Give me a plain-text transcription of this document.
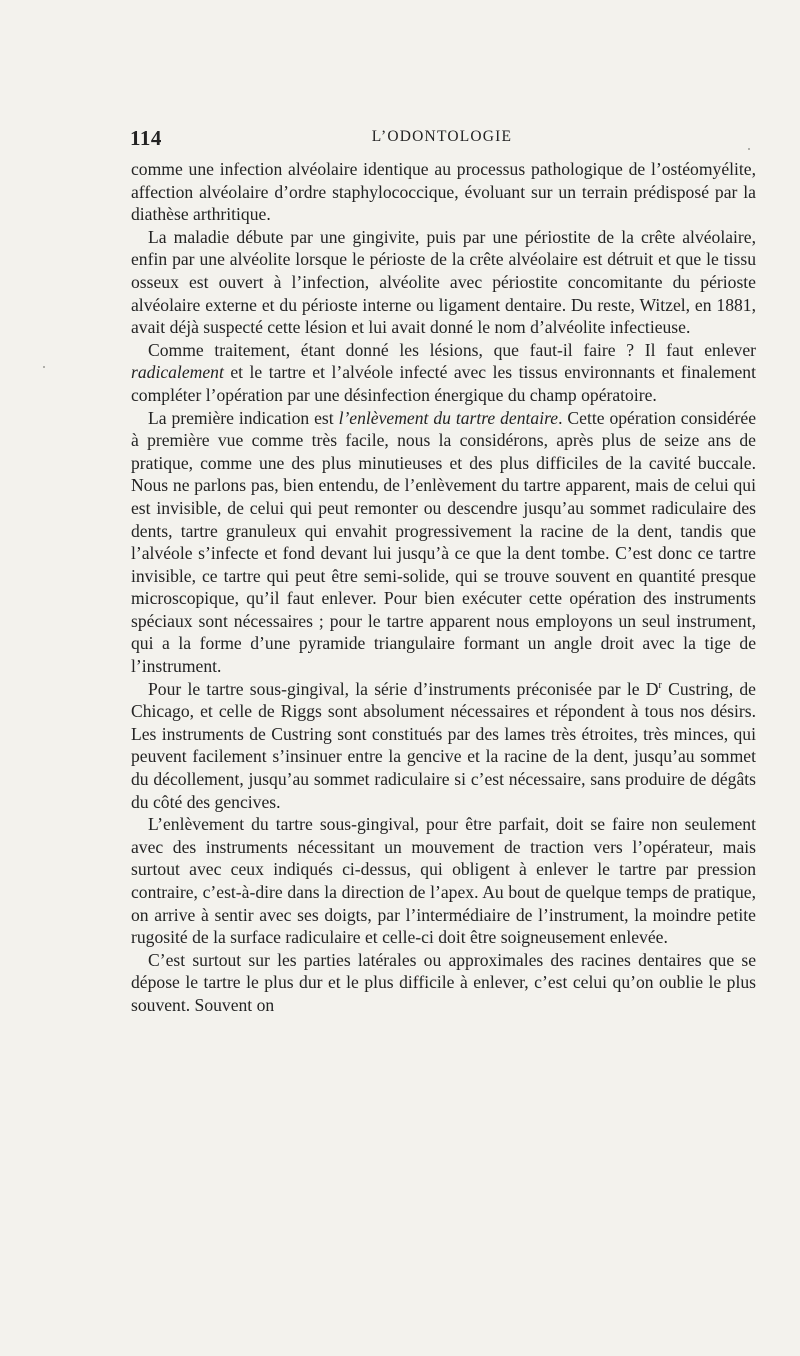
114	L’ODONTOLOGIE

comme une infection alvéolaire identique au processus pathologique de l’ostéomyélite, affection alvéolaire d’ordre staphylococcique, évoluant sur un terrain prédisposé par la diathèse arthritique.

La maladie débute par une gingivite, puis par une périostite de la crête alvéolaire, enfin par une alvéolite lorsque le périoste de la crête alvéolaire est détruit et que le tissu osseux est ouvert à l’infection, alvéolite avec périostite concomitante du périoste alvéolaire externe et du périoste interne ou ligament dentaire. Du reste, Witzel, en 1881, avait déjà suspecté cette lésion et lui avait donné le nom d’alvéolite infectieuse.

Comme traitement, étant donné les lésions, que faut-il faire ? Il faut enlever radicalement et le tartre et l’alvéole infecté avec les tissus environnants et finalement compléter l’opération par une désinfection énergique du champ opératoire.

La première indication est l’enlèvement du tartre dentaire. Cette opération considérée à première vue comme très facile, nous la considérons, après plus de seize ans de pratique, comme une des plus minutieuses et des plus difficiles de la cavité buccale. Nous ne parlons pas, bien entendu, de l’enlèvement du tartre apparent, mais de celui qui est invisible, de celui qui peut remonter ou descendre jusqu’au sommet radiculaire des dents, tartre granuleux qui envahit progressivement la racine de la dent, tandis que l’alvéole s’infecte et fond devant lui jusqu’à ce que la dent tombe. C’est donc ce tartre invisible, ce tartre qui peut être semi-solide, qui se trouve souvent en quantité presque microscopique, qu’il faut enlever. Pour bien exécuter cette opération des instruments spéciaux sont nécessaires ; pour le tartre apparent nous employons un seul instrument, qui a la forme d’une pyramide triangulaire formant un angle droit avec la tige de l’instrument.

Pour le tartre sous-gingival, la série d’instruments préconisée par le $D^r$ Custring, de Chicago, et celle de Riggs sont absolument nécessaires et répondent à tous nos désirs. Les instruments de Custring sont constitués par des lames très étroites, très minces, qui peuvent facilement s’insinuer entre la gencive et la racine de la dent, jusqu’au sommet du décollement, jusqu’au sommet radiculaire si c’est nécessaire, sans produire de dégâts du côté des gencives.

L’enlèvement du tartre sous-gingival, pour être parfait, doit se faire non seulement avec des instruments nécessitant un mouvement de traction vers l’opérateur, mais surtout avec ceux indiqués ci-dessus, qui obligent à enlever le tartre par pression contraire, c’est-à-dire dans la direction de l’apex. Au bout de quelque temps de pratique, on arrive à sentir avec ses doigts, par l’intermédiaire de l’instrument, la moindre petite rugosité de la surface radiculaire et celle-ci doit être soigneusement enlevée.

C’est surtout sur les parties latérales ou approximales des racines dentaires que se dépose le tartre le plus dur et le plus difficile à enlever, c’est celui qu’on oublie le plus souvent. Souvent on
